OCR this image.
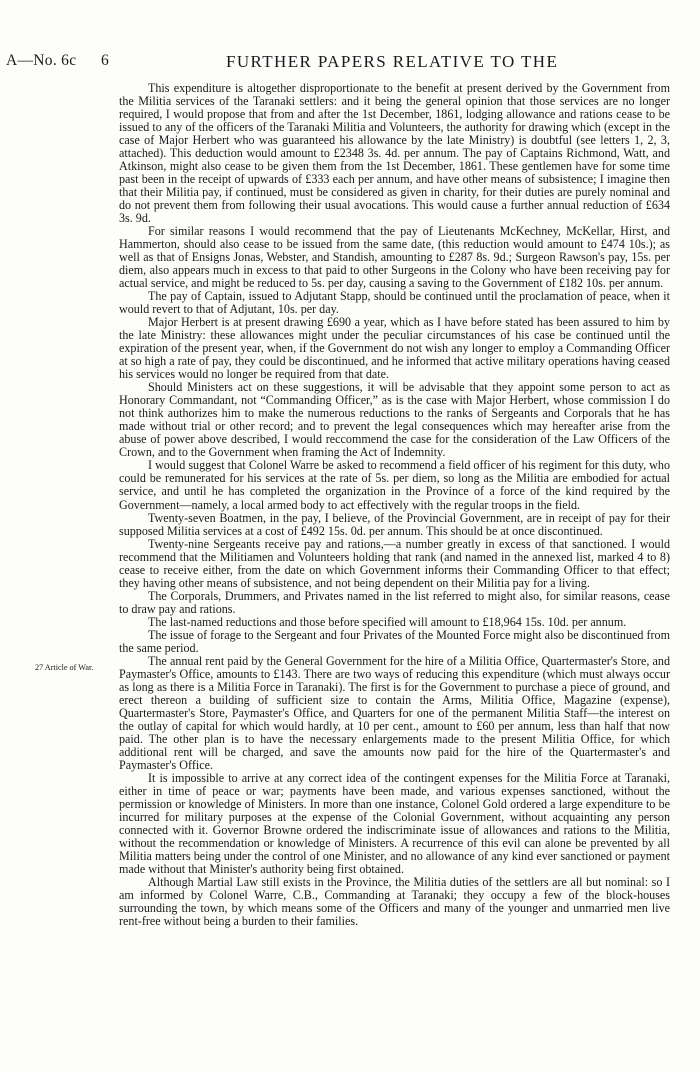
A—No. 6c 6	FURTHER PAPERS RELATIVE TO THE
27 Article of War.

This expenditure is altogether disproportionate to the benefit at present derived by the Government from the Militia services of the Taranaki settlers: and it being the general opinion that those services are no longer required, I would propose that from and after the 1st December, 1861, lodging allowance and rations cease to be issued to any of the officers of the Taranaki Militia and Volunteers, the authority for drawing which (except in the case of Major Herbert who was guaranteed his allowance by the late Ministry) is doubtful (see letters 1, 2, 3, attached). This deduction would amount to £2348 3s. 4d. per annum. The pay of Captains Richmond, Watt, and Atkinson, might also cease to be given them from the 1st December, 1861. These gentlemen have for some time past been in the receipt of upwards of £333 each per annum, and have other means of subsistence; I imagine then that their Militia pay, if continued, must be considered as given in charity, for their duties are purely nominal and do not prevent them from following their usual avocations. This would cause a further annual reduction of £634 3s. 9d.

For similar reasons I would recommend that the pay of Lieutenants McKechney, McKellar, Hirst, and Hammerton, should also cease to be issued from the same date, (this reduction would amount to £474 10s.); as well as that of Ensigns Jonas, Webster, and Standish, amounting to £287 8s. 9d.; Surgeon Rawson's pay, 15s. per diem, also appears much in excess to that paid to other Surgeons in the Colony who have been receiving pay for actual service, and might be reduced to 5s. per day, causing a saving to the Government of £182 10s. per annum.

The pay of Captain, issued to Adjutant Stapp, should be continued until the proclamation of peace, when it would revert to that of Adjutant, 10s. per day.

Major Herbert is at present drawing £690 a year, which as I have before stated has been assured to him by the late Ministry: these allowances might under the peculiar circumstances of his case be continued until the expiration of the present year, when, if the Government do not wish any longer to employ a Commanding Officer at so high a rate of pay, they could be discontinued, and he informed that active military operations having ceased his services would no longer be required from that date.

Should Ministers act on these suggestions, it will be advisable that they appoint some person to act as Honorary Commandant, not “Commanding Officer,” as is the case with Major Herbert, whose commission I do not think authorizes him to make the numerous reductions to the ranks of Sergeants and Corporals that he has made without trial or other record; and to prevent the legal consequences which may hereafter arise from the abuse of power above described, I would reccommend the case for the consideration of the Law Officers of the Crown, and to the Government when framing the Act of Indemnity.

I would suggest that Colonel Warre be asked to recommend a field officer of his regiment for this duty, who could be remunerated for his services at the rate of 5s. per diem, so long as the Militia are embodied for actual service, and until he has completed the organization in the Province of a force of the kind required by the Government—namely, a local armed body to act effectively with the regular troops in the field.

Twenty-seven Boatmen, in the pay, I believe, of the Provincial Government, are in receipt of pay for their supposed Militia services at a cost of £492 15s. 0d. per annum. This should be at once discontinued.

Twenty-nine Sergeants receive pay and rations,—a number greatly in excess of that sanctioned. I would recommend that the Militiamen and Volunteers holding that rank (and named in the annexed list, marked 4 to 8) cease to receive either, from the date on which Government informs their Commanding Officer to that effect; they having other means of subsistence, and not being dependent on their Militia pay for a living.

The Corporals, Drummers, and Privates named in the list referred to might also, for similar reasons, cease to draw pay and rations.

The last-named reductions and those before specified will amount to £18,964 15s. 10d. per annum.

The issue of forage to the Sergeant and four Privates of the Mounted Force might also be discontinued from the same period.

The annual rent paid by the General Government for the hire of a Militia Office, Quartermaster's Store, and Paymaster's Office, amounts to £143. There are two ways of reducing this expenditure (which must always occur as long as there is a Militia Force in Taranaki). The first is for the Government to purchase a piece of ground, and erect thereon a building of sufficient size to contain the Arms, Militia Office, Magazine (expense), Quartermaster's Store, Paymaster's Office, and Quarters for one of the permanent Militia Staff—the interest on the outlay of capital for which would hardly, at 10 per cent., amount to £60 per annum, less than half that now paid. The other plan is to have the necessary enlargements made to the present Militia Office, for which additional rent will be charged, and save the amounts now paid for the hire of the Quartermaster's and Paymaster's Office.

It is impossible to arrive at any correct idea of the contingent expenses for the Militia Force at Taranaki, either in time of peace or war; payments have been made, and various expenses sanctioned, without the permission or knowledge of Ministers. In more than one instance, Colonel Gold ordered a large expenditure to be incurred for military purposes at the expense of the Colonial Government, without acquainting any person connected with it. Governor Browne ordered the indiscriminate issue of allowances and rations to the Militia, without the recommendation or knowledge of Ministers. A recurrence of this evil can alone be prevented by all Militia matters being under the control of one Minister, and no allowance of any kind ever sanctioned or payment made without that Minister's authority being first obtained.

Although Martial Law still exists in the Province, the Militia duties of the settlers are all but nominal: so I am informed by Colonel Warre, C.B., Commanding at Taranaki; they occupy a few of the block-houses surrounding the town, by which means some of the Officers and many of the younger and unmarried men live rent-free without being a burden to their families.
